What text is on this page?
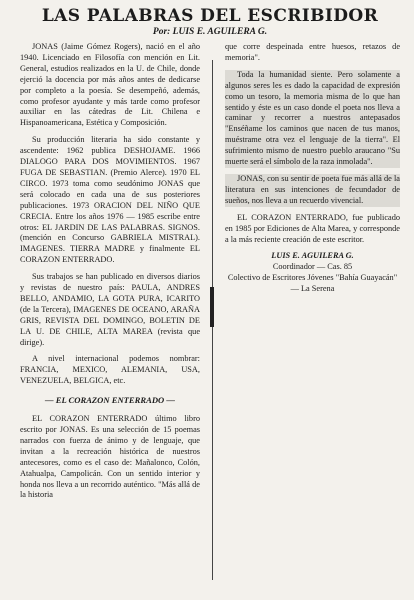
LAS PALABRAS DEL ESCRIBIDOR
Por: LUIS E. AGUILERA G.

JONAS (Jaime Gómez Rogers), nació en el año 1940. Licenciado en Filosofía con mención en Lit. General, estudios realizados en la U. de Chile, donde ejerció la docencia por más años antes de dedicarse por completo a la poesía. Se desempeñó, además, como profesor ayudante y más tarde como profesor auxiliar en las cátedras de Lit. Chilena e Hispanoamericana, Estética y Composición.

Su producción literaria ha sido constante y ascendente: 1962 publica DESHOJAME. 1966 DIALOGO PARA DOS MOVIMIENTOS. 1967 FUGA DE SEBASTIAN. (Premio Alerce). 1970 EL CIRCO. 1973 toma como seudónimo JONAS que será colocado en cada una de sus posteriores publicaciones. 1973 ORACION DEL NIÑO QUE CRECIA. Entre los años 1976 — 1985 escribe entre otros: EL JARDIN DE LAS PALABRAS. SIGNOS. (mención en Concurso GABRIELA MISTRAL). IMAGENES. TIERRA MADRE y finalmente EL CORAZON ENTERRADO.

Sus trabajos se han publicado en diversos diarios y revistas de nuestro país: PAULA, ANDRES BELLO, ANDAMIO, LA GOTA PURA, ICARITO (de la Tercera), IMAGENES DE OCEANO, ARAÑA GRIS, REVISTA DEL DOMINGO, BOLETIN DE LA U. DE CHILE, ALTA MAREA (revista que dirige).

A nivel internacional podemos nombrar: FRANCIA, MEXICO, ALEMANIA, USA, VENEZUELA, BELGICA, etc.

— EL CORAZON ENTERRADO —

EL CORAZON ENTERRADO último libro escrito por JONAS. Es una selección de 15 poemas narrados con fuerza de ánimo y de lenguaje, que invitan a la recreación histórica de nuestros antecesores, como es el caso de: Mañalonco, Colón, Atahualpa, Campolicán. Con un sentido interior y honda nos lleva a un recorrido auténtico. "Más allá de la historia

que corre despeinada entre huesos, retazos de memoria".

Toda la humanidad siente. Pero solamente a algunos seres les es dado la capacidad de expresión como un tesoro, la memoria misma de lo que han sentido y éste es un caso donde el poeta nos lleva a caminar y recorrer a nuestros antepasados "Enséñame los caminos que nacen de tus manos, muéstrame otra vez el lenguaje de la tierra". El sufrimiento mismo de nuestro pueblo araucano "Su muerte será el símbolo de la raza inmolada".

JONAS, con su sentir de poeta fue más allá de la literatura en sus intenciones de fecundador de sueños, nos lleva a un recuerdo vivencial.

EL CORAZON ENTERRADO, fue publicado en 1985 por Ediciones de Alta Marea, y corresponde a la más reciente creación de este escritor.

LUIS E. AGUILERA G.

Coordinador — Cas. 85

Colectivo de Escritores Jóvenes "Bahía Guayacán" — La Serena
